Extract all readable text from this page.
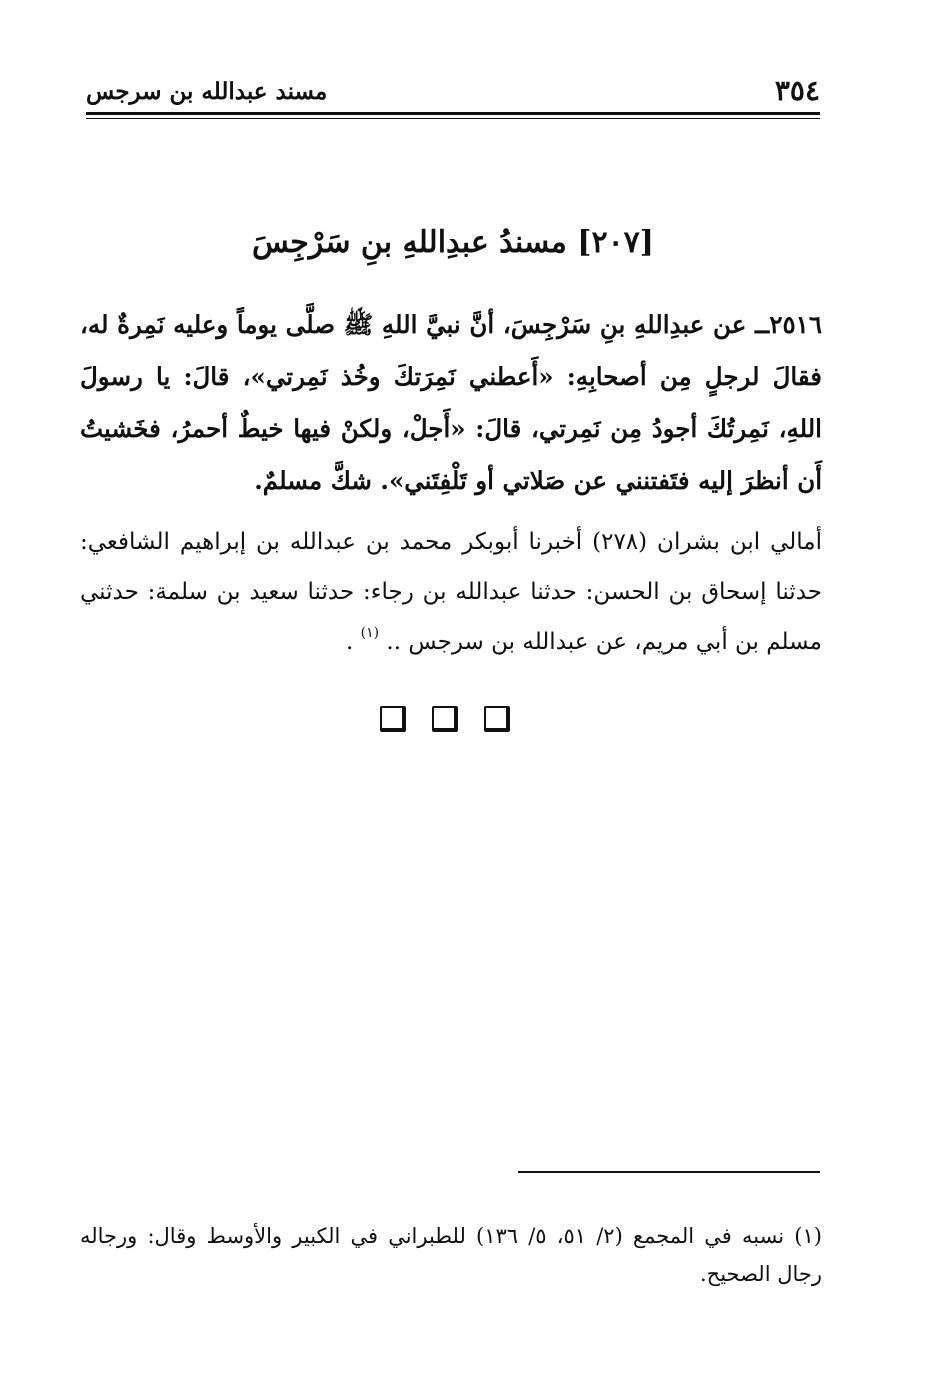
٣٥٤
مسند عبدالله بن سرجس
[٢٠٧] مسندُ عبدِاللهِ بنِ سَرْجِسَ

٢٥١٦ــ عن عبدِاللهِ بنِ سَرْجِسَ، أنَّ نبيَّ اللهِ ﷺ صلَّى يوماً وعليه نَمِرةٌ له، فقالَ لرجلٍ مِن أصحابِهِ: «أَعطني نَمِرَتكَ وخُذ نَمِرتي»، قالَ: يا رسولَ اللهِ، نَمِرتُكَ أجودُ مِن نَمِرتي، قالَ: «أَجلْ، ولكنْ فيها خيطٌ أحمرُ، فخَشيتُ أَن أنظرَ إليه فتَفتنني عن صَلاتي أو تَلْفِتَني». شكَّ مسلمٌ.

أمالي ابن بشران (٢٧٨) أخبرنا أبوبكر محمد بن عبدالله بن إبراهيم الشافعي: حدثنا إسحاق بن الحسن: حدثنا عبدالله بن رجاء: حدثنا سعيد بن سلمة: حدثني مسلم بن أبي مريم، عن عبدالله بن سرجس .. $^{(١)}$ .

(١) نسبه في المجمع (٢/ ٥١، ٥/ ١٣٦) للطبراني في الكبير والأوسط وقال: ورجاله رجال الصحيح.
